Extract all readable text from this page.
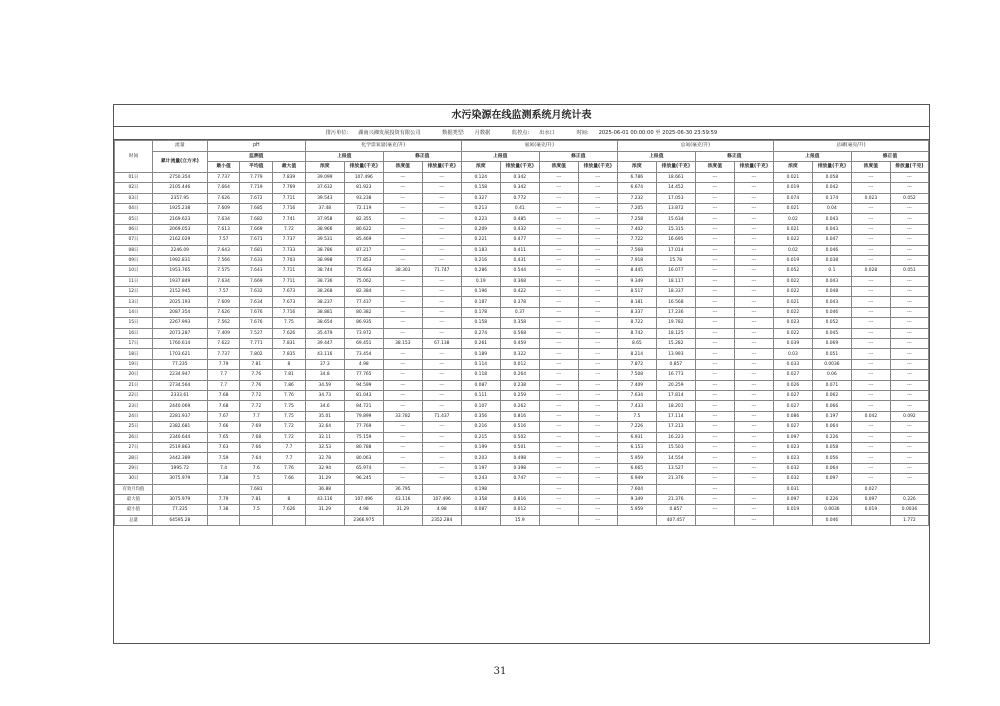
水污染源在线监测系统月统计表
排污单位: 湖南兴湘发展投资有限公司	数据类型: 月数据	监控点: 出水口	时间: 2025-06-01 00:00:00 至 2025-06-30 23:59:59
时间	流量	pH			化学需氧量(毫克/升)				氨氮(毫克/升)				总氮(毫克/升)				总磷(毫克/升)			
	累计流量(立方米)	监测值			上报值		修正值		上报值		修正值		上报值		修正值		上报值		修正值	
		最小值	平均值	最大值	浓度	排放量(千克)	浓度值	排放量(千克)	浓度	排放量(千克)	浓度值	排放量(千克)	浓度	排放量(千克)	浓度值	排放量(千克)	浓度	排放量(千克)	浓度值	排放量(千克)
01日	2750.354	7.737	7.779	7.839	39.099	107.496	---	---	0.124	0.342	---	---	6.786	18.661	---	---	0.021	0.058	---	---
02日	2105.446	7.664	7.719	7.769	37.632	81.923	---	---	0.158	0.342	---	---	6.674	14.452	---	---	0.019	0.042	---	---
03日	2357.95	7.626	7.672	7.711	39.543	93.238	---	---	0.327	0.772	---	---	7.232	17.053	---	---	0.074	0.174	0.023	0.052
04日	1925.238	7.609	7.685	7.716	37.48	72.119	---	---	0.213	0.41	---	---	7.205	13.872	---	---	0.021	0.04	---	---
05日	2169.623	7.634	7.682	7.741	37.958	82.355	---	---	0.223	0.485	---	---	7.258	15.634	---	---	0.02	0.043	---	---
06日	2069.053	7.613	7.669	7.72	38.966	80.622	---	---	0.209	0.432	---	---	7.402	15.315	---	---	0.021	0.043	---	---
07日	2162.029	7.57	7.671	7.737	39.531	85.469	---	---	0.221	0.477	---	---	7.722	16.695	---	---	0.022	0.047	---	---
08日	2246.09	7.643	7.681	7.733	38.786	87.217	---	---	0.183	0.411	---	---	7.568	17.014	---	---	0.02	0.046	---	---
09日	1992.831	7.566	7.633	7.703	38.998	77.853	---	---	0.216	0.431	---	---	7.918	15.78	---	---	0.019	0.038	---	---
10日	1953.765	7.575	7.643	7.711	38.744	75.663	38.303	71.747	0.286	0.544	---	---	8.445	16.077	---	---	0.052	0.1	0.028	0.051
11日	1937.849	7.634	7.669	7.711	38.736	75.062	---	---	0.19	0.368	---	---	9.349	18.117	---	---	0.022	0.043	---	---
12日	2152.945	7.57	7.632	7.673	38.268	82.384	---	---	0.196	0.422	---	---	8.517	18.337	---	---	0.022	0.048	---	---
13日	2025.193	7.609	7.634	7.673	38.237	77.437	---	---	0.187	0.378	---	---	8.181	16.568	---	---	0.021	0.043	---	---
14日	2087.354	7.626	7.676	7.716	38.881	80.382	---	---	0.178	0.37	---	---	8.337	17.236	---	---	0.022	0.046	---	---
15日	2267.993	7.562	7.676	7.75	38.654	86.935	---	---	0.158	0.358	---	---	8.722	19.782	---	---	0.023	0.052	---	---
16日	2073.287	7.409	7.527	7.626	35.479	73.972	---	---	0.274	0.568	---	---	8.742	18.125	---	---	0.022	0.045	---	---
17日	1760.614	7.622	7.771	7.831	39.447	69.451	38.153	67.138	0.261	0.459	---	---	8.65	15.282	---	---	0.039	0.069	---	---
18日	1703.621	7.737	7.802	7.835	43.116	73.454	---	---	0.189	0.322	---	---	8.214	13.993	---	---	0.03	0.051	---	---
19日	77.235	7.79	7.81	8	37.3	4.98	---	---	0.114	0.012	---	---	7.872	0.857	---	---	0.033	0.0036	---	---
20日	2234.947	7.7	7.76	7.81	34.8	77.765	---	---	0.118	0.264	---	---	7.508	16.773	---	---	0.027	0.06	---	---
21日	2734.564	7.7	7.76	7.86	34.59	94.599	---	---	0.087	0.238	---	---	7.409	20.259	---	---	0.026	0.071	---	---
22日	2333.61	7.68	7.72	7.76	34.73	81.043	---	---	0.111	0.259	---	---	7.634	17.814	---	---	0.027	0.062	---	---
23日	2440.069	7.68	7.72	7.75	34.6	84.721	---	---	0.107	0.262	---	---	7.433	18.201	---	---	0.027	0.066	---	---
24日	2281.937	7.67	7.7	7.75	35.01	79.899	33.782	71.437	0.356	0.816	---	---	7.5	17.114	---	---	0.086	0.197	0.042	0.092
25日	2382.681	7.66	7.69	7.72	32.64	77.769	---	---	0.216	0.516	---	---	7.226	17.213	---	---	0.027	0.064	---	---
26日	2340.644	7.65	7.68	7.72	32.11	75.159	---	---	0.215	0.502	---	---	6.931	16.223	---	---	0.097	0.226	---	---
27日	2519.863	7.63	7.66	7.7	32.53	80.788	---	---	0.199	0.501	---	---	6.153	15.503	---	---	0.023	0.058	---	---
28日	2442.389	7.59	7.64	7.7	32.78	80.063	---	---	0.203	0.498	---	---	5.959	14.554	---	---	0.023	0.056	---	---
29日	1995.72	7.4	7.6	7.76	32.94	65.974	---	---	0.197	0.398	---	---	6.665	13.527	---	---	0.032	0.064	---	---
30日	3075.979	7.38	7.5	7.66	31.29	96.245	---	---	0.243	0.747	---	---	6.949	21.376	---	---	0.032	0.097	---	---
有效月均值			7.681		36.88		36.795		0.198		---		7.604		---		0.031		0.027	
最大值	3075.979	7.79	7.81	8	43.116	107.496	43.116	107.496	0.358	0.816	---	---	9.349	21.376	---	---	0.097	0.226	0.097	0.226
最小值	77.235	7.38	7.5	7.626	31.29	4.98	31.29	4.98	0.087	0.012	---	---	5.959	0.857	---	---	0.019	0.0036	0.019	0.0036
总量	64595.28					2366.975		2352.284		15.9		---		407.457		---		0.046		1.772
31
